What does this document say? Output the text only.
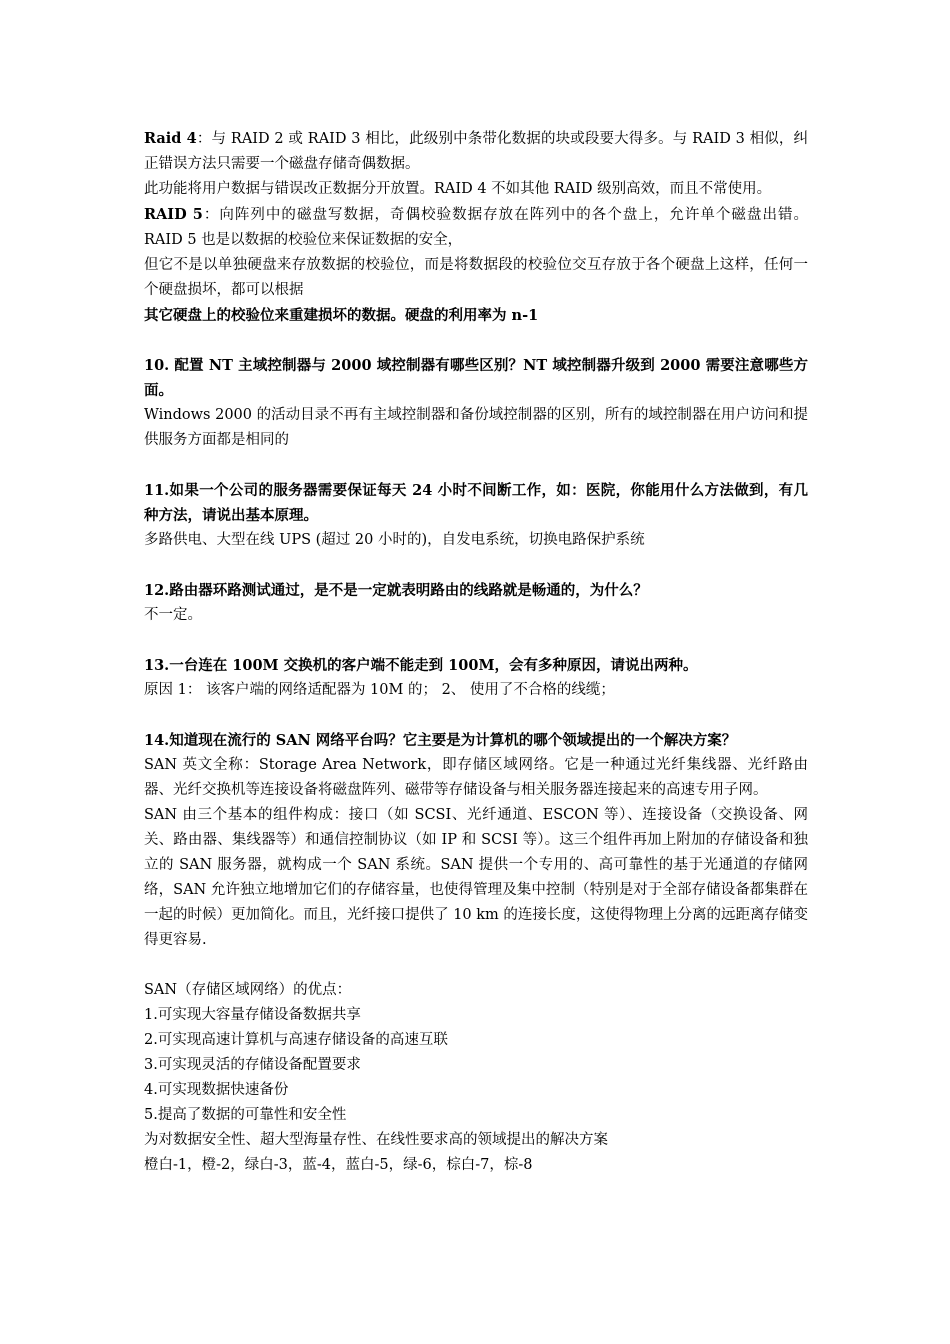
Raid 4：与 RAID 2 或 RAID 3 相比，此级别中条带化数据的块或段要大得多。与 RAID 3 相似，纠正错误方法只需要一个磁盘存储奇偶数据。

此功能将用户数据与错误改正数据分开放置。RAID 4 不如其他 RAID 级别高效，而且不常使用。

RAID 5：向阵列中的磁盘写数据，奇偶校验数据存放在阵列中的各个盘上，允许单个磁盘出错。 RAID 5 也是以数据的校验位来保证数据的安全，

但它不是以单独硬盘来存放数据的校验位，而是将数据段的校验位交互存放于各个硬盘上这样，任何一个硬盘损坏，都可以根据

其它硬盘上的校验位来重建损坏的数据。硬盘的利用率为 n-1

10. 配置 NT 主域控制器与 2000 域控制器有哪些区别？NT 域控制器升级到 2000 需要注意哪些方面。

Windows 2000 的活动目录不再有主域控制器和备份域控制器的区别，所有的域控制器在用户访问和提供服务方面都是相同的

11.如果一个公司的服务器需要保证每天 24 小时不间断工作，如：医院，你能用什么方法做到，有几种方法，请说出基本原理。

多路供电、大型在线 UPS (超过 20 小时的)，自发电系统，切换电路保护系统

12.路由器环路测试通过，是不是一定就表明路由的线路就是畅通的，为什么？

不一定。

13.一台连在 100M 交换机的客户端不能走到 100M，会有多种原因，请说出两种。

原因 1： 该客户端的网络适配器为 10M 的； 2、 使用了不合格的线缆；

14.知道现在流行的 SAN 网络平台吗？它主要是为计算机的哪个领域提出的一个解决方案？

SAN 英文全称：Storage Area Network，即存储区域网络。它是一种通过光纤集线器、光纤路由器、光纤交换机等连接设备将磁盘阵列、磁带等存储设备与相关服务器连接起来的高速专用子网。

SAN 由三个基本的组件构成：接口（如 SCSI、光纤通道、ESCON 等）、连接设备（交换设备、网关、路由器、集线器等）和通信控制协议（如 IP 和 SCSI 等）。这三个组件再加上附加的存储设备和独立的 SAN 服务器，就构成一个 SAN 系统。SAN 提供一个专用的、高可靠性的基于光通道的存储网络，SAN 允许独立地增加它们的存储容量，也使得管理及集中控制（特别是对于全部存储设备都集群在一起的时候）更加简化。而且，光纤接口提供了 10 km 的连接长度，这使得物理上分离的远距离存储变得更容易.

SAN（存储区域网络）的优点：

1.可实现大容量存储设备数据共享

2.可实现高速计算机与高速存储设备的高速互联

3.可实现灵活的存储设备配置要求

4.可实现数据快速备份

5.提高了数据的可靠性和安全性

为对数据安全性、超大型海量存性、在线性要求高的领域提出的解决方案

橙白-1，橙-2，绿白-3，蓝-4，蓝白-5，绿-6，棕白-7，棕-8
